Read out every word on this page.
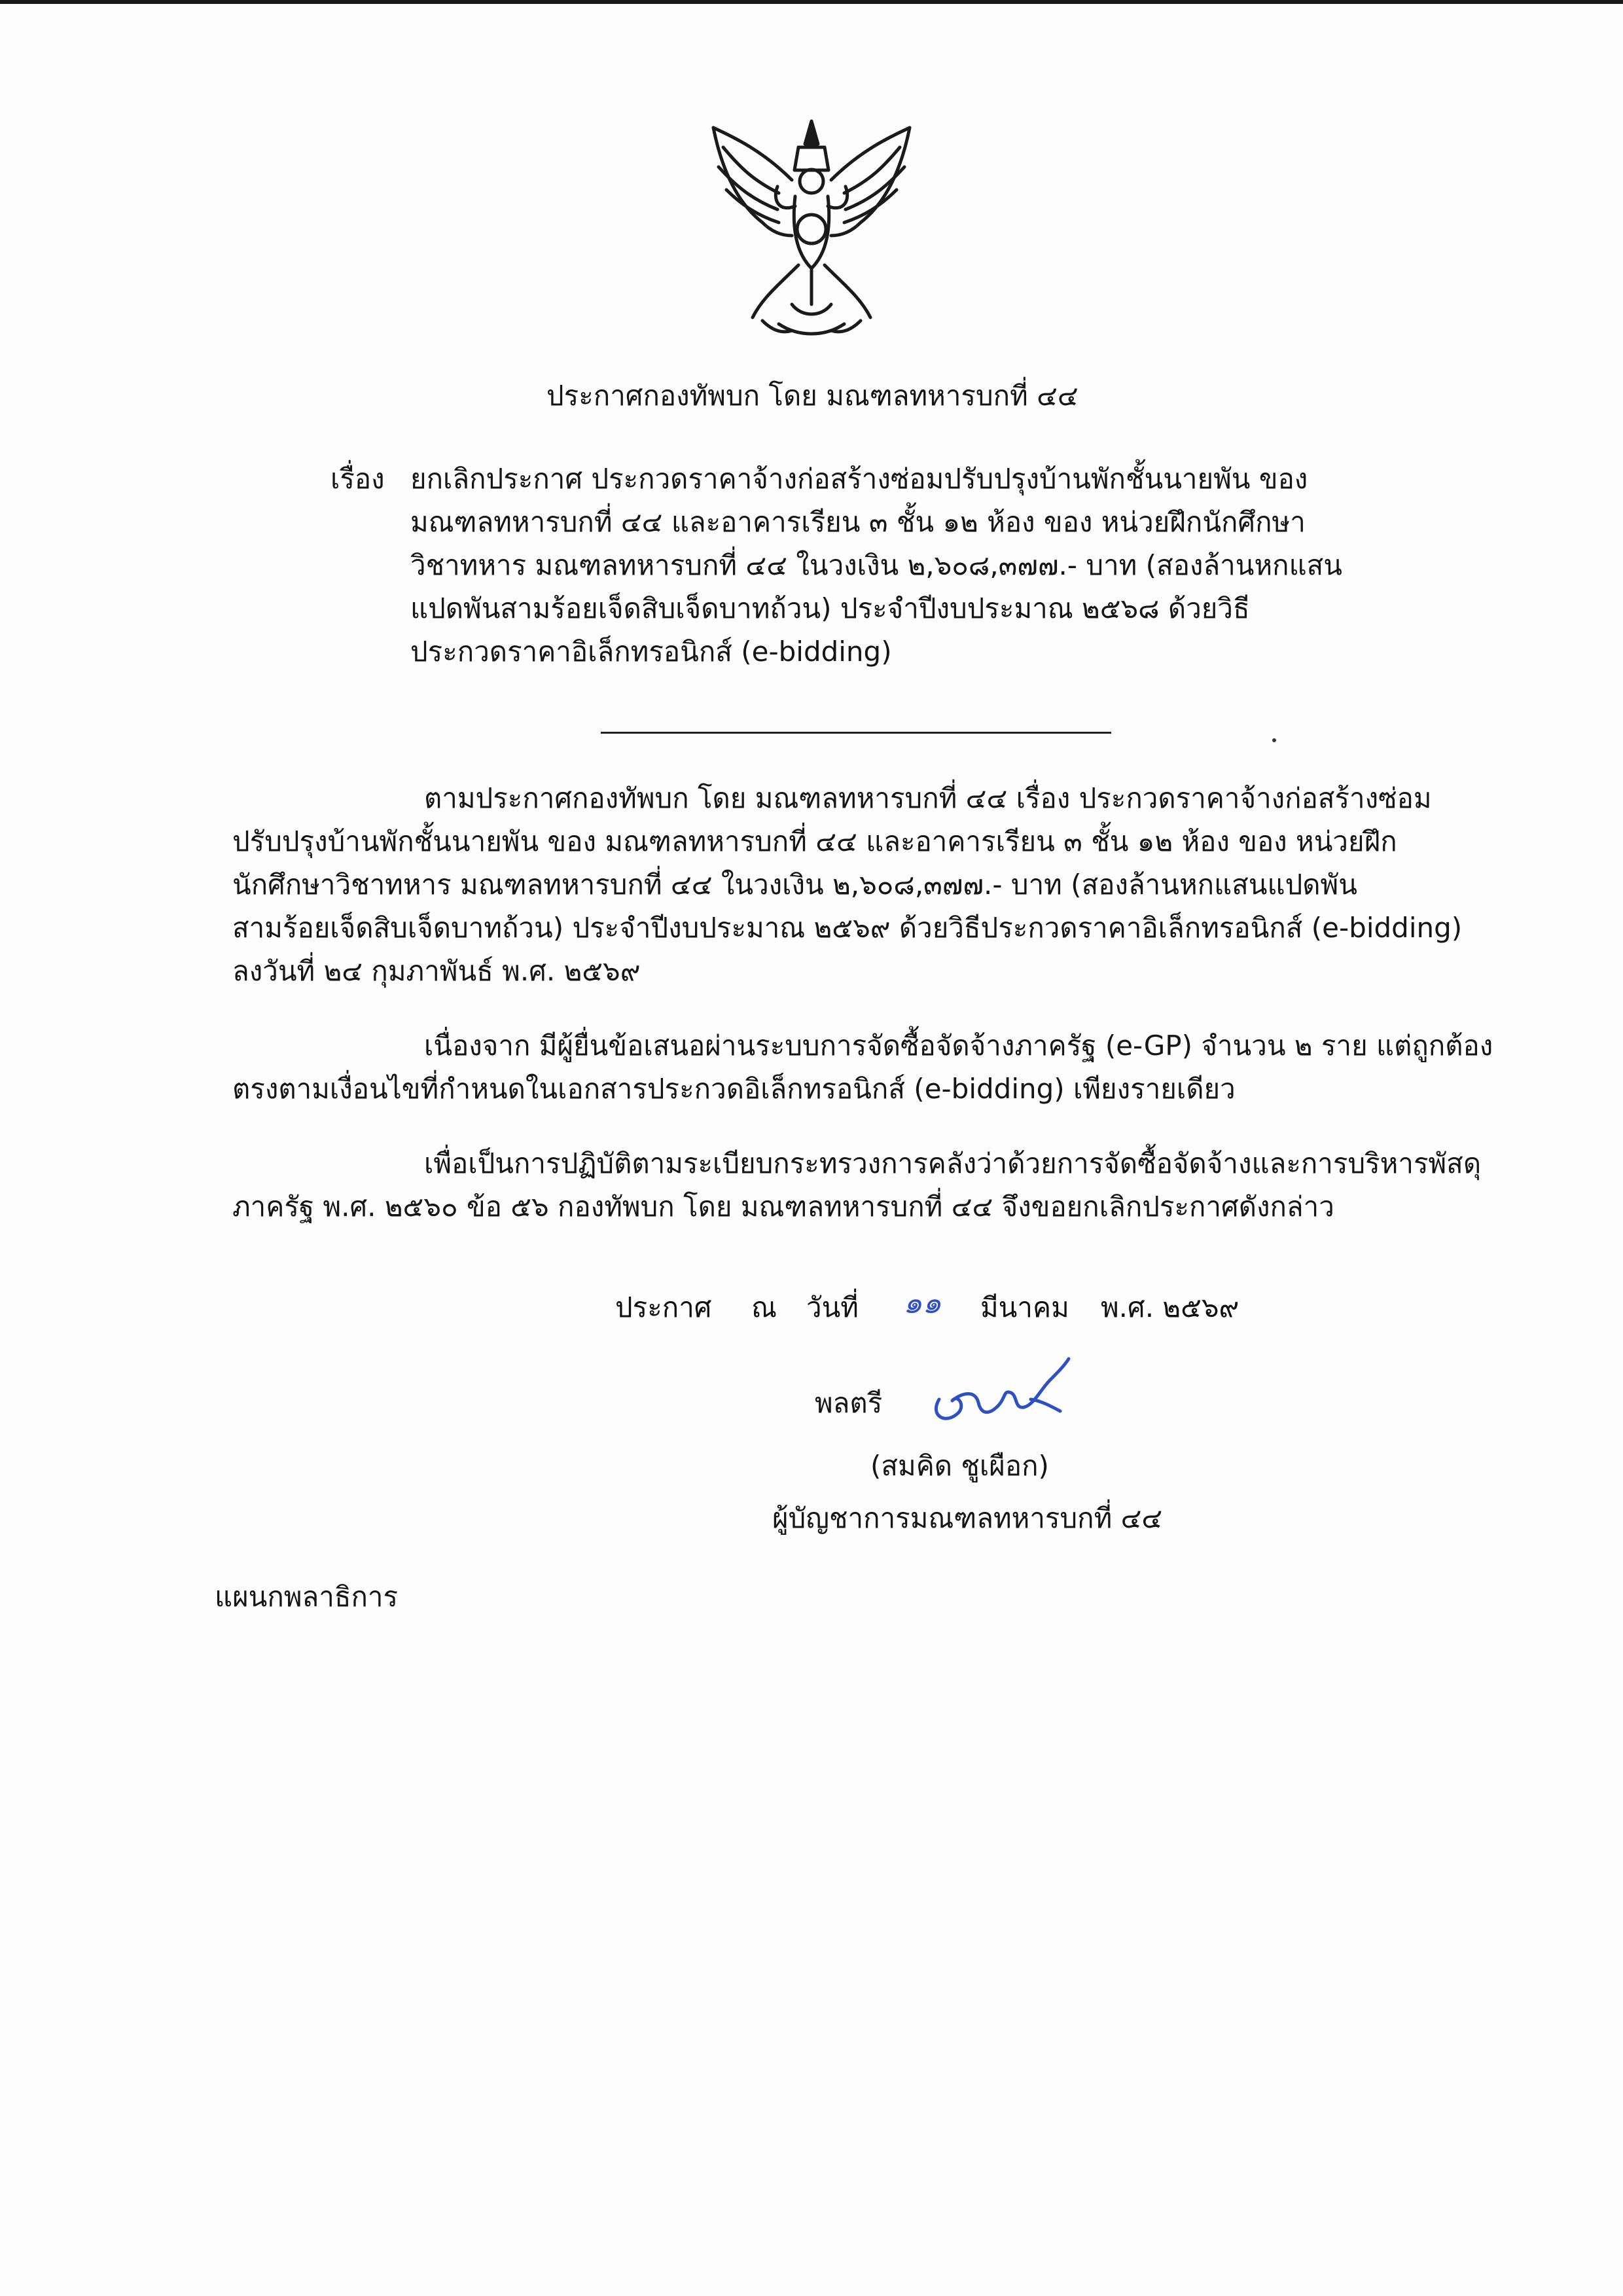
ประกาศกองทัพบก โดย มณฑลทหารบกที่ ๔๔
เรื่อง ยกเลิกประกาศ ประกวดราคาจ้างก่อสร้างซ่อมปรับปรุงบ้านพักชั้นนายพัน ของ
มณฑลทหารบกที่ ๔๔ และอาคารเรียน ๓ ชั้น ๑๒ ห้อง ของ หน่วยฝึกนักศึกษา
วิชาทหาร มณฑลทหารบกที่ ๔๔ ในวงเงิน ๒,๖๐๘,๓๗๗.- บาท (สองล้านหกแสน
แปดพันสามร้อยเจ็ดสิบเจ็ดบาทถ้วน) ประจำปีงบประมาณ ๒๕๖๘ ด้วยวิธี
ประกวดราคาอิเล็กทรอนิกส์ (e-bidding)
ตามประกาศกองทัพบก โดย มณฑลทหารบกที่ ๔๔ เรื่อง ประกวดราคาจ้างก่อสร้างซ่อม
ปรับปรุงบ้านพักชั้นนายพัน ของ มณฑลทหารบกที่ ๔๔ และอาคารเรียน ๓ ชั้น ๑๒ ห้อง ของ หน่วยฝึก
นักศึกษาวิชาทหาร มณฑลทหารบกที่ ๔๔ ในวงเงิน ๒,๖๐๘,๓๗๗.- บาท (สองล้านหกแสนแปดพัน
สามร้อยเจ็ดสิบเจ็ดบาทถ้วน) ประจำปีงบประมาณ ๒๕๖๙ ด้วยวิธีประกวดราคาอิเล็กทรอนิกส์ (e-bidding)
ลงวันที่ ๒๔ กุมภาพันธ์ พ.ศ. ๒๕๖๙
เนื่องจาก มีผู้ยื่นข้อเสนอผ่านระบบการจัดซื้อจัดจ้างภาครัฐ (e-GP) จำนวน ๒ ราย แต่ถูกต้อง
ตรงตามเงื่อนไขที่กำหนดในเอกสารประกวดอิเล็กทรอนิกส์ (e-bidding) เพียงรายเดียว
เพื่อเป็นการปฏิบัติตามระเบียบกระทรวงการคลังว่าด้วยการจัดซื้อจัดจ้างและการบริหารพัสดุ
ภาครัฐ พ.ศ. ๒๕๖๐ ข้อ ๕๖ กองทัพบก โดย มณฑลทหารบกที่ ๔๔ จึงขอยกเลิกประกาศดังกล่าว
ประกาศ ณ วันที่ ๑๑ มีนาคม พ.ศ. ๒๕๖๙
พลตรี
(สมคิด ชูเผือก)
ผู้บัญชาการมณฑลทหารบกที่ ๔๔
แผนกพลาธิการ
